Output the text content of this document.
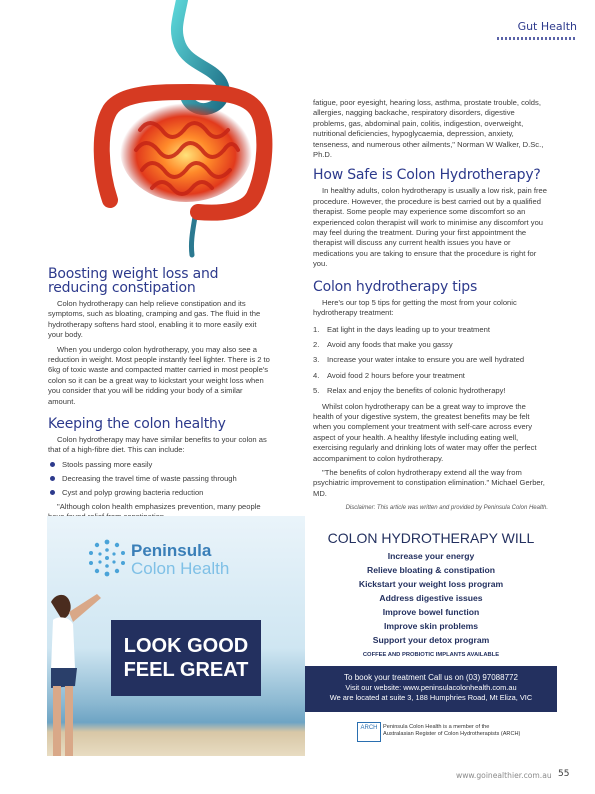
Gut Health
Boosting weight loss and
reducing constipation

Colon hydrotherapy can help relieve constipation and its symptoms, such as bloating, cramping and gas. The fluid in the hydrotherapy softens hard stool, enabling it to more easily exit your body.

When you undergo colon hydrotherapy, you may also see a reduction in weight. Most people instantly feel lighter. There is 2 to 6kg of toxic waste and compacted matter carried in most people's colon so it can be a great way to kickstart your weight loss when you consider that you will be ridding your body of a similar amount.

Keeping the colon healthy

Colon hydrotherapy may have similar benefits to your colon as that of a high-fibre diet. This can include:

Stools passing more easily
Decreasing the travel time of waste passing through
Cyst and polyp growing bacteria reduction

"Although colon health emphasizes prevention, many people

fatigue, poor eyesight, hearing loss, asthma, prostate trouble, colds, allergies, nagging backache, respiratory disorders, digestive problems, gas, abdominal pain, colitis, indigestion, overweight, nutritional deficiencies, hypoglycaemia, depression, anxiety, tenseness, and numerous other ailments," Norman W Walker, D.Sc., Ph.D.

How Safe is Colon Hydrotherapy?

In healthy adults, colon hydrotherapy is usually a low risk, pain free procedure. However, the procedure is best carried out by a qualified therapist. Some people may experience some discomfort so an experienced colon therapist will work to minimise any discomfort you may feel during the treatment. During your first appointment the therapist will discuss any current health issues you have or medications you are taking to ensure that the procedure is right for you.

Colon hydrotherapy tips

Here's our top 5 tips for getting the most from your colonic hydrotherapy treatment:

1. Eat light in the days leading up to your treatment
2. Avoid any foods that make you gassy
3. Increase your water intake to ensure you are well hydrated
4. Avoid food 2 hours before your treatment
5. Relax and enjoy the benefits of colonic hydrotherapy!

Whilst colon hydrotherapy can be a great way to improve the health of your digestive system, the greatest benefits may be felt when you complement your treatment with self-care across every aspect of your health. A healthy lifestyle including eating well, exercising regularly and drinking lots of water may offer the perfect accompaniment to colon hydrotherapy.

"The benefits of colon hydrotherapy extend all the way from psychiatric improvement to constipation elimination." Michael Gerber, MD.

Disclaimer: This article was written and provided by Peninsula Colon Health.
Peninsula
Colon Health
LOOK GOOD
FEEL GREAT
COLON HYDROTHERAPY WILL
Increase your energy
Relieve bloating & constipation
Kickstart your weight loss program
Address digestive issues
Improve bowel function
Improve skin problems
Support your detox program
COFFEE AND PROBIOTIC IMPLANTS AVAILABLE
To book your treatment Call us on (03) 97088772
Visit our website: www.peninsulacolonhealth.com.au
We are located at suite 3, 188 Humphries Road, Mt Eliza, VIC
ARCH Peninsula Colon Health is a member of the
Australasian Register of Colon Hydrotherapists (ARCH)
www.goinealthier.com.au 55
